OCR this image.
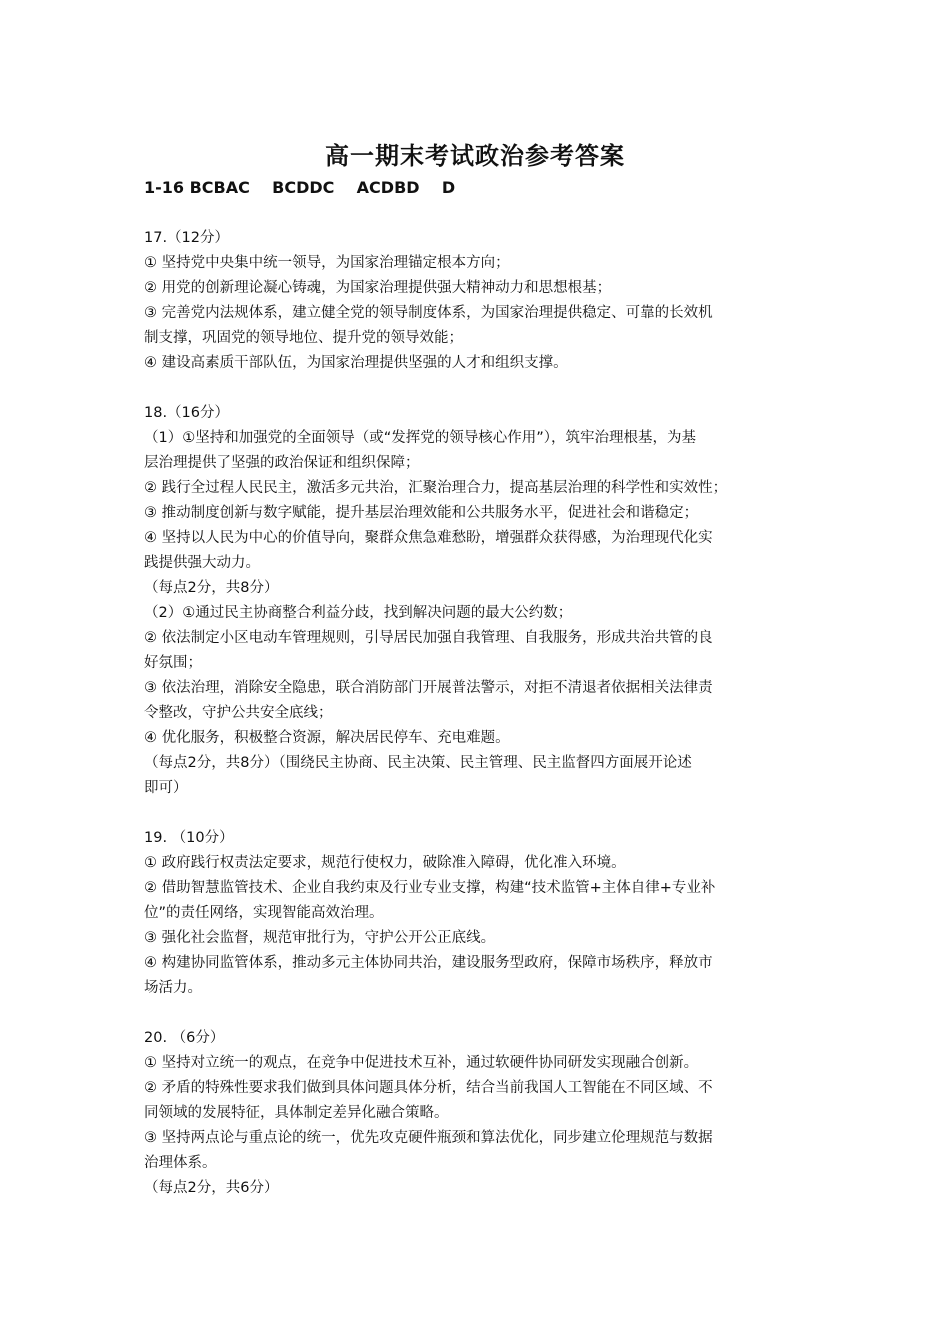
高一期末考试政治参考答案
1-16 BCBAC    BCDDC    ACDBD    D
17.（12分）
① 坚持党中央集中统一领导，为国家治理锚定根本方向；
② 用党的创新理论凝心铸魂，为国家治理提供强大精神动力和思想根基；
③ 完善党内法规体系，建立健全党的领导制度体系，为国家治理提供稳定、可靠的长效机
制支撑，巩固党的领导地位、提升党的领导效能；
④ 建设高素质干部队伍，为国家治理提供坚强的人才和组织支撑。
18.（16分）
（1）①坚持和加强党的全面领导（或“发挥党的领导核心作用”），筑牢治理根基，为基
层治理提供了坚强的政治保证和组织保障；
② 践行全过程人民民主，激活多元共治，汇聚治理合力，提高基层治理的科学性和实效性；
③ 推动制度创新与数字赋能，提升基层治理效能和公共服务水平，促进社会和谐稳定；
④ 坚持以人民为中心的价值导向，聚群众焦急难愁盼，增强群众获得感，为治理现代化实
践提供强大动力。
（每点2分，共8分）
（2）①通过民主协商整合利益分歧，找到解决问题的最大公约数；
② 依法制定小区电动车管理规则，引导居民加强自我管理、自我服务，形成共治共管的良
好氛围；
③ 依法治理，消除安全隐患，联合消防部门开展普法警示，对拒不清退者依据相关法律责
令整改，守护公共安全底线；
④ 优化服务，积极整合资源，解决居民停车、充电难题。
（每点2分，共8分）（围绕民主协商、民主决策、民主管理、民主监督四方面展开论述
即可）
19. （10分）
① 政府践行权责法定要求，规范行使权力，破除准入障碍，优化准入环境。
② 借助智慧监管技术、企业自我约束及行业专业支撑，构建“技术监管+主体自律+专业补
位”的责任网络，实现智能高效治理。
③ 强化社会监督，规范审批行为，守护公开公正底线。
④ 构建协同监管体系，推动多元主体协同共治，建设服务型政府，保障市场秩序，释放市
场活力。
20. （6分）
① 坚持对立统一的观点，在竞争中促进技术互补，通过软硬件协同研发实现融合创新。
② 矛盾的特殊性要求我们做到具体问题具体分析，结合当前我国人工智能在不同区域、不
同领域的发展特征，具体制定差异化融合策略。
③ 坚持两点论与重点论的统一，优先攻克硬件瓶颈和算法优化，同步建立伦理规范与数据
治理体系。
（每点2分，共6分）
